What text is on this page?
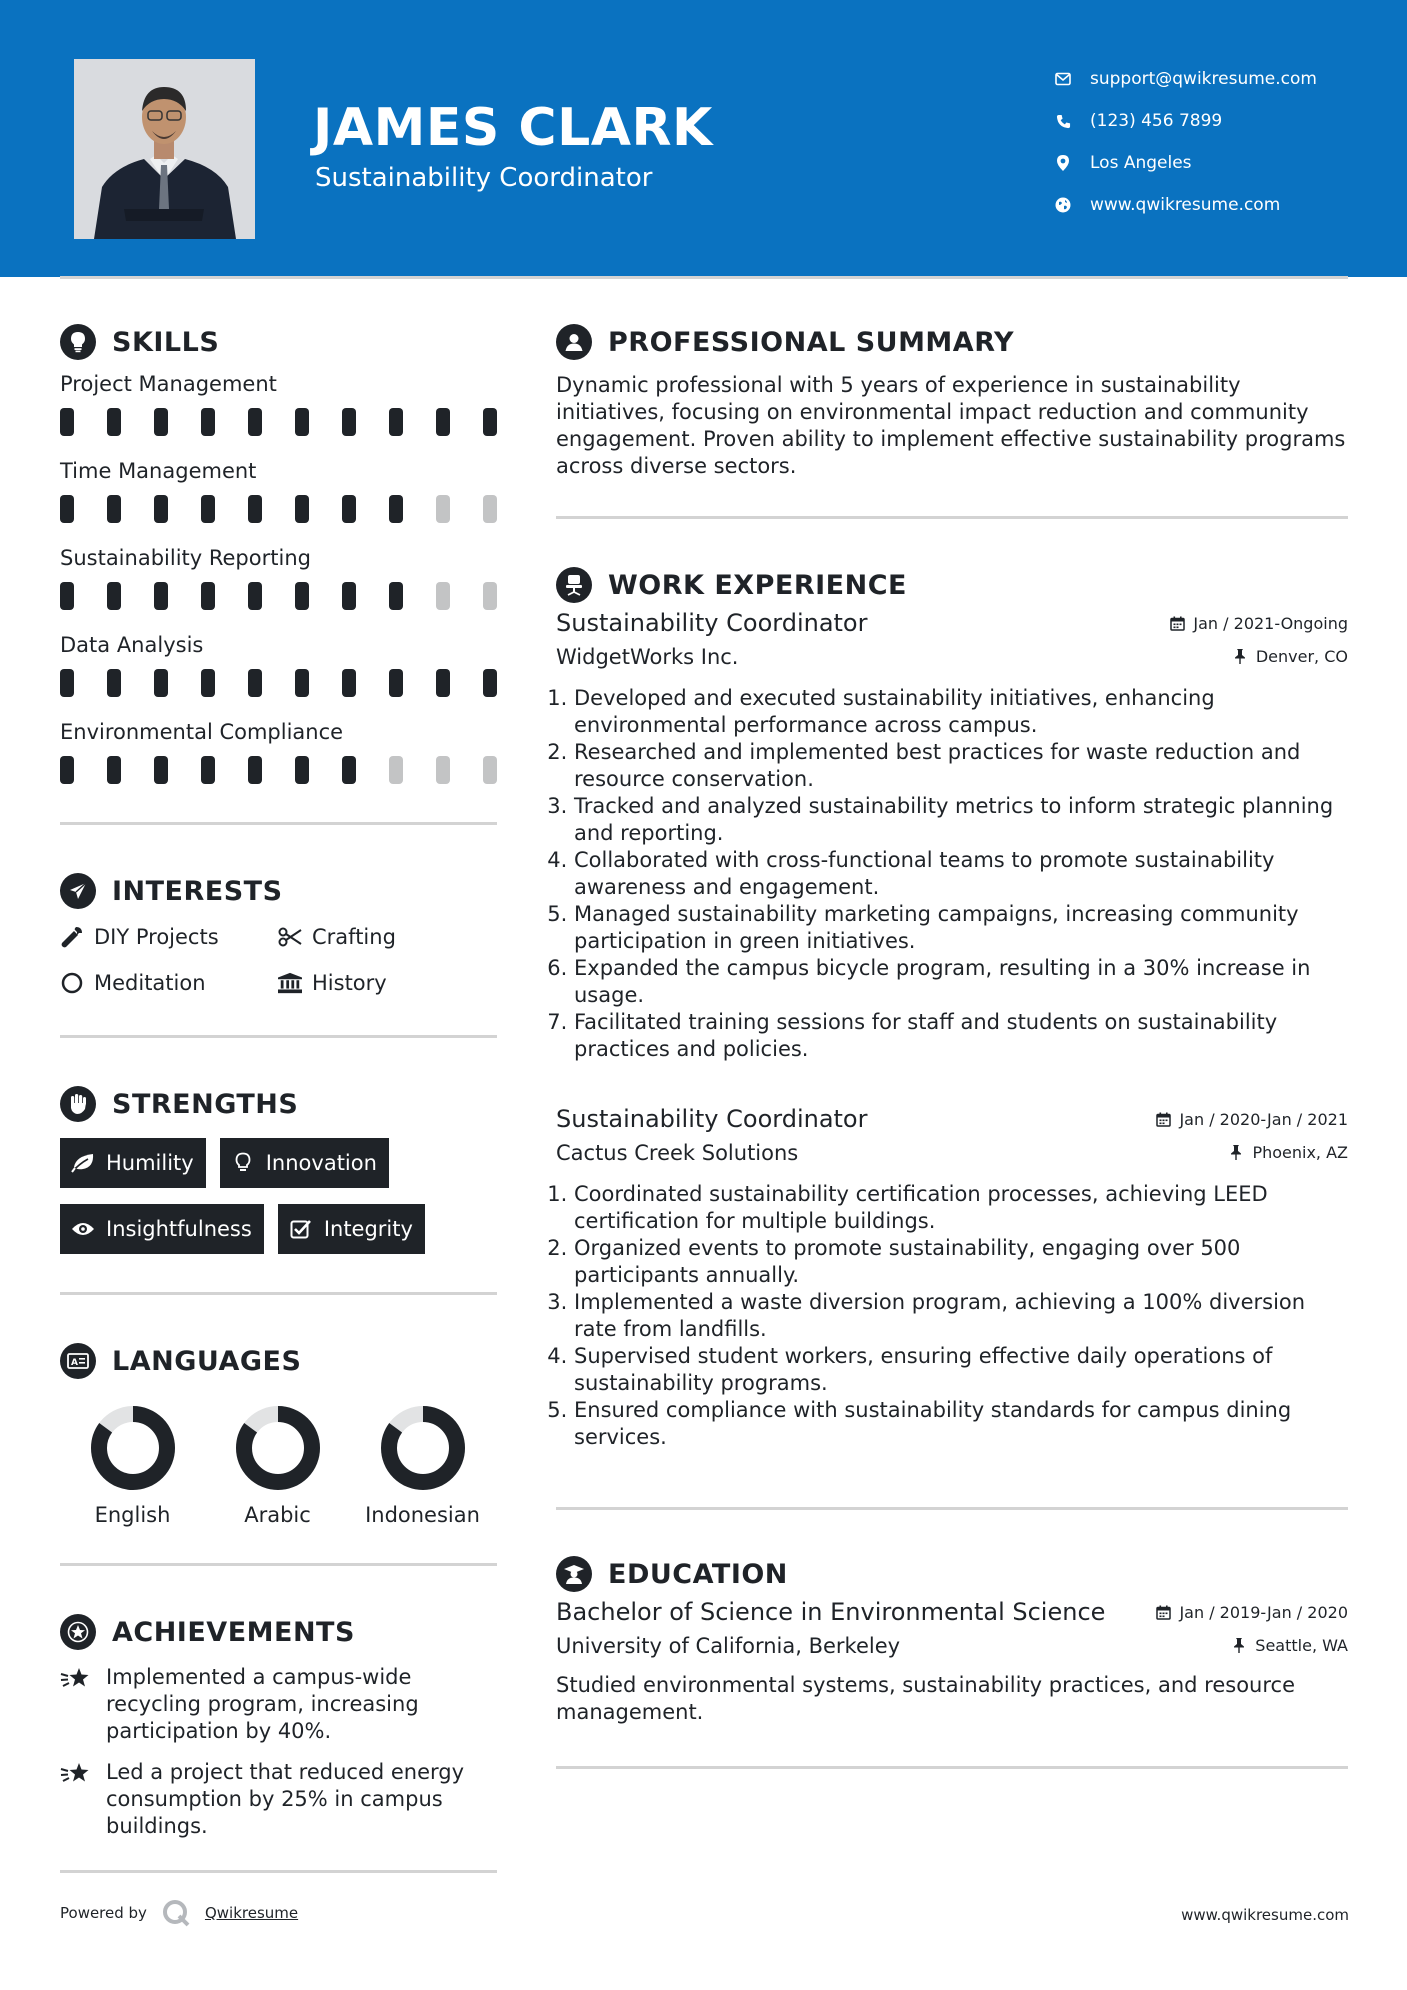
JAMES CLARK
Sustainability Coordinator
support@qwikresume.com
(123) 456 7899
Los Angeles
www.qwikresume.com
SKILLS
Project Management
Time Management
Sustainability Reporting
Data Analysis
Environmental Compliance
INTERESTS
DIY Projects	Crafting
Meditation	History
STRENGTHS
Humility	Innovation
Insightfulness	Integrity
A LANGUAGES
English	Arabic	Indonesian
ACHIEVEMENTS
Implemented a campus-wide recycling program, increasing participation by 40%.
Led a project that reduced energy consumption by 25% in campus buildings.
PROFESSIONAL SUMMARY
Dynamic professional with 5 years of experience in sustainability initiatives, focusing on environmental impact reduction and community engagement. Proven ability to implement effective sustainability programs across diverse sectors.
WORK EXPERIENCE
Sustainability Coordinator	Jan / 2021-Ongoing
WidgetWorks Inc.	Denver, CO
1. Developed and executed sustainability initiatives, enhancing environmental performance across campus.
2. Researched and implemented best practices for waste reduction and resource conservation.
3. Tracked and analyzed sustainability metrics to inform strategic planning and reporting.
4. Collaborated with cross-functional teams to promote sustainability awareness and engagement.
5. Managed sustainability marketing campaigns, increasing community participation in green initiatives.
6. Expanded the campus bicycle program, resulting in a 30% increase in usage.
7. Facilitated training sessions for staff and students on sustainability practices and policies.
Sustainability Coordinator	Jan / 2020-Jan / 2021
Cactus Creek Solutions	Phoenix, AZ
1. Coordinated sustainability certification processes, achieving LEED certification for multiple buildings.
2. Organized events to promote sustainability, engaging over 500 participants annually.
3. Implemented a waste diversion program, achieving a 100% diversion rate from landfills.
4. Supervised student workers, ensuring effective daily operations of sustainability programs.
5. Ensured compliance with sustainability standards for campus dining services.
EDUCATION
Bachelor of Science in Environmental Science	Jan / 2019-Jan / 2020
University of California, Berkeley	Seattle, WA
Studied environmental systems, sustainability practices, and resource management.
Powered by	Qwikresume	www.qwikresume.com
